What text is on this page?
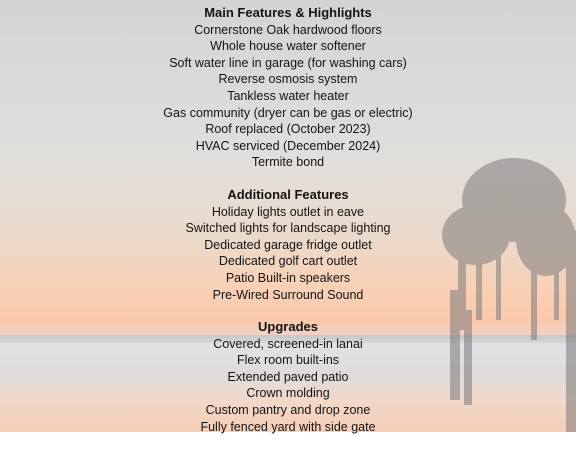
Main Features & Highlights
Cornerstone Oak hardwood floors
Whole house water softener
Soft water line in garage (for washing cars)
Reverse osmosis system
Tankless water heater
Gas community (dryer can be gas or electric)
Roof replaced (October 2023)
HVAC serviced (December 2024)
Termite bond
Additional Features
Holiday lights outlet in eave
Switched lights for landscape lighting
Dedicated garage fridge outlet
Dedicated golf cart outlet
Patio Built-in speakers
Pre-Wired Surround Sound
Upgrades
Covered, screened-in lanai
Flex room built-ins
Extended paved patio
Crown molding
Custom pantry and drop zone
Fully fenced yard with side gate
